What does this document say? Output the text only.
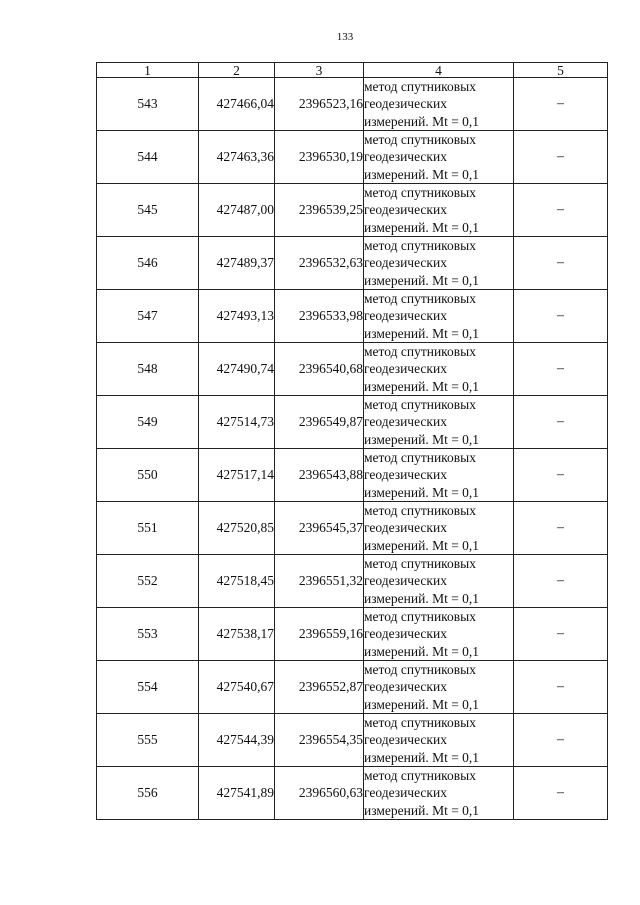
133
1	2	3	4	5
543	427466,04	2396523,16	метод спутниковых
геодезических
измерений. Mt = 0,1	–
544	427463,36	2396530,19	метод спутниковых
геодезических
измерений. Mt = 0,1	–
545	427487,00	2396539,25	метод спутниковых
геодезических
измерений. Mt = 0,1	–
546	427489,37	2396532,63	метод спутниковых
геодезических
измерений. Mt = 0,1	–
547	427493,13	2396533,98	метод спутниковых
геодезических
измерений. Mt = 0,1	–
548	427490,74	2396540,68	метод спутниковых
геодезических
измерений. Mt = 0,1	–
549	427514,73	2396549,87	метод спутниковых
геодезических
измерений. Mt = 0,1	–
550	427517,14	2396543,88	метод спутниковых
геодезических
измерений. Mt = 0,1	–
551	427520,85	2396545,37	метод спутниковых
геодезических
измерений. Mt = 0,1	–
552	427518,45	2396551,32	метод спутниковых
геодезических
измерений. Mt = 0,1	–
553	427538,17	2396559,16	метод спутниковых
геодезических
измерений. Mt = 0,1	–
554	427540,67	2396552,87	метод спутниковых
геодезических
измерений. Mt = 0,1	–
555	427544,39	2396554,35	метод спутниковых
геодезических
измерений. Mt = 0,1	–
556	427541,89	2396560,63	метод спутниковых
геодезических
измерений. Mt = 0,1	–
